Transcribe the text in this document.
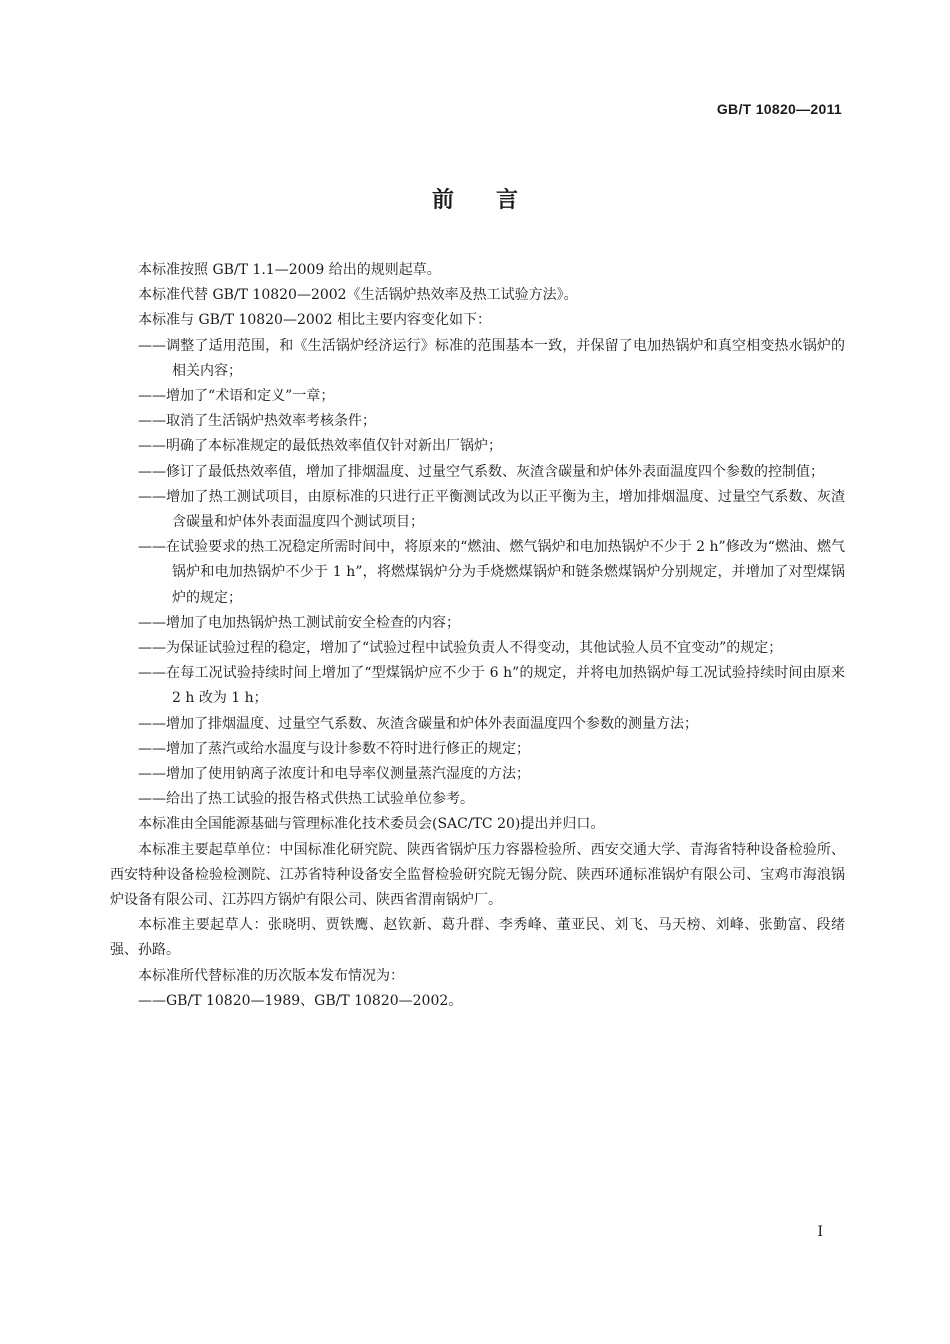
GB/T 10820—2011
前言

本标准按照 GB/T 1.1—2009 给出的规则起草。

本标准代替 GB/T 10820—2002《生活锅炉热效率及热工试验方法》。

本标准与 GB/T 10820—2002 相比主要内容变化如下：

——调整了适用范围，和《生活锅炉经济运行》标准的范围基本一致，并保留了电加热锅炉和真空相变热水锅炉的相关内容；

——增加了“术语和定义”一章；

——取消了生活锅炉热效率考核条件；

——明确了本标准规定的最低热效率值仅针对新出厂锅炉；

——修订了最低热效率值，增加了排烟温度、过量空气系数、灰渣含碳量和炉体外表面温度四个参数的控制值；

——增加了热工测试项目，由原标准的只进行正平衡测试改为以正平衡为主，增加排烟温度、过量空气系数、灰渣含碳量和炉体外表面温度四个测试项目；

——在试验要求的热工况稳定所需时间中，将原来的“燃油、燃气锅炉和电加热锅炉不少于 2 h”修改为“燃油、燃气锅炉和电加热锅炉不少于 1 h”，将燃煤锅炉分为手烧燃煤锅炉和链条燃煤锅炉分别规定，并增加了对型煤锅炉的规定；

——增加了电加热锅炉热工测试前安全检查的内容；

——为保证试验过程的稳定，增加了“试验过程中试验负责人不得变动，其他试验人员不宜变动”的规定；

——在每工况试验持续时间上增加了“型煤锅炉应不少于 6 h”的规定，并将电加热锅炉每工况试验持续时间由原来 2 h 改为 1 h；

——增加了排烟温度、过量空气系数、灰渣含碳量和炉体外表面温度四个参数的测量方法；

——增加了蒸汽或给水温度与设计参数不符时进行修正的规定；

——增加了使用钠离子浓度计和电导率仪测量蒸汽湿度的方法；

——给出了热工试验的报告格式供热工试验单位参考。

本标准由全国能源基础与管理标准化技术委员会(SAC/TC 20)提出并归口。

本标准主要起草单位：中国标准化研究院、陕西省锅炉压力容器检验所、西安交通大学、青海省特种设备检验所、西安特种设备检验检测院、江苏省特种设备安全监督检验研究院无锡分院、陕西环通标准锅炉有限公司、宝鸡市海浪锅炉设备有限公司、江苏四方锅炉有限公司、陕西省渭南锅炉厂。

本标准主要起草人：张晓明、贾铁鹰、赵钦新、葛升群、李秀峰、董亚民、刘飞、马天榜、刘峰、张勤富、段绪强、孙路。

本标准所代替标准的历次版本发布情况为：

——GB/T 10820—1989、GB/T 10820—2002。

I
